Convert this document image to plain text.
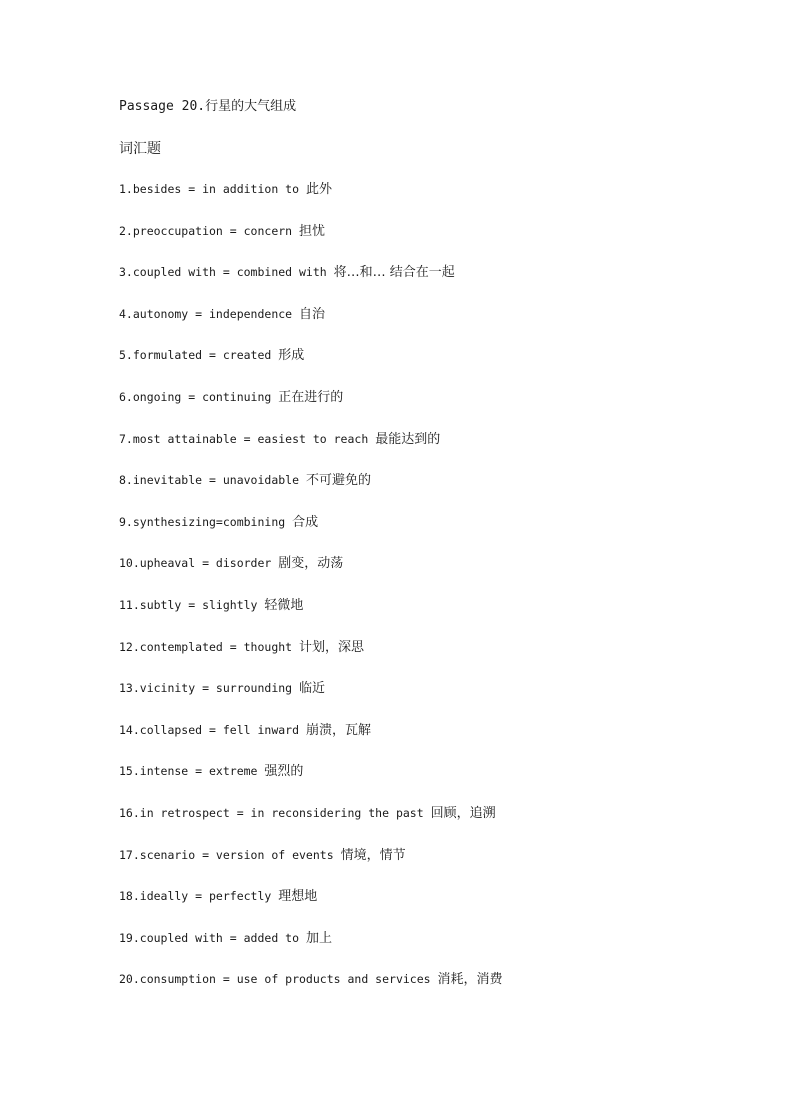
Passage 20.行星的大气组成
词汇题
1.besides = in addition to 此外
2.preoccupation = concern 担忧
3.coupled with = combined with 将…和… 结合在一起
4.autonomy = independence 自治
5.formulated = created 形成
6.ongoing = continuing 正在进行的
7.most attainable = easiest to reach 最能达到的
8.inevitable = unavoidable 不可避免的
9.synthesizing=combining 合成
10.upheaval = disorder 剧变，动荡
11.subtly = slightly 轻微地
12.contemplated = thought 计划，深思
13.vicinity = surrounding 临近
14.collapsed = fell inward 崩溃，瓦解
15.intense = extreme 强烈的
16.in retrospect = in reconsidering the past 回顾，追溯
17.scenario = version of events 情境，情节
18.ideally = perfectly 理想地
19.coupled with = added to 加上
20.consumption = use of products and services 消耗，消费
